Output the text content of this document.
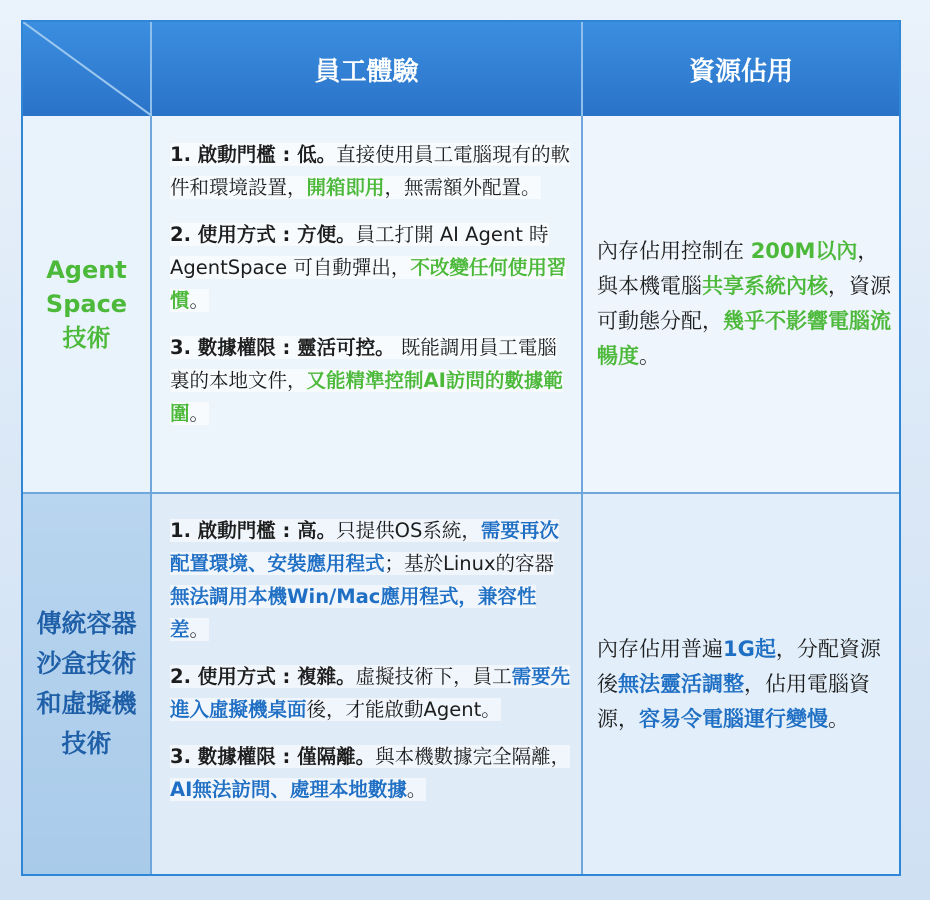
員工體驗	資源佔用
Agent
Space
技術
1. 啟動門檻 : 低。直接使用員工電腦現有的軟件和環境設置，開箱即用，無需額外配置。
2. 使用方式 : 方便。員工打開 AI Agent 時 AgentSpace 可自動彈出，不改變任何使用習慣。
3. 數據權限 : 靈活可控。 既能調用員工電腦裏的本地文件，又能精準控制AI訪問的數據範圍。
內存佔用控制在 200M以內，與本機電腦共享系統內核，資源可動態分配，幾乎不影響電腦流暢度。
傳統容器
沙盒技術
和虛擬機
技術
1. 啟動門檻 : 高。只提供OS系統，需要再次配置環境、安裝應用程式；基於Linux的容器無法調用本機Win/Mac應用程式，兼容性差。
2. 使用方式 : 複雜。虛擬技術下，員工需要先進入虛擬機桌面後，才能啟動Agent。
3. 數據權限 : 僅隔離。與本機數據完全隔離，AI無法訪問、處理本地數據。
內存佔用普遍1G起，分配資源後無法靈活調整，佔用電腦資源，容易令電腦運行變慢。
